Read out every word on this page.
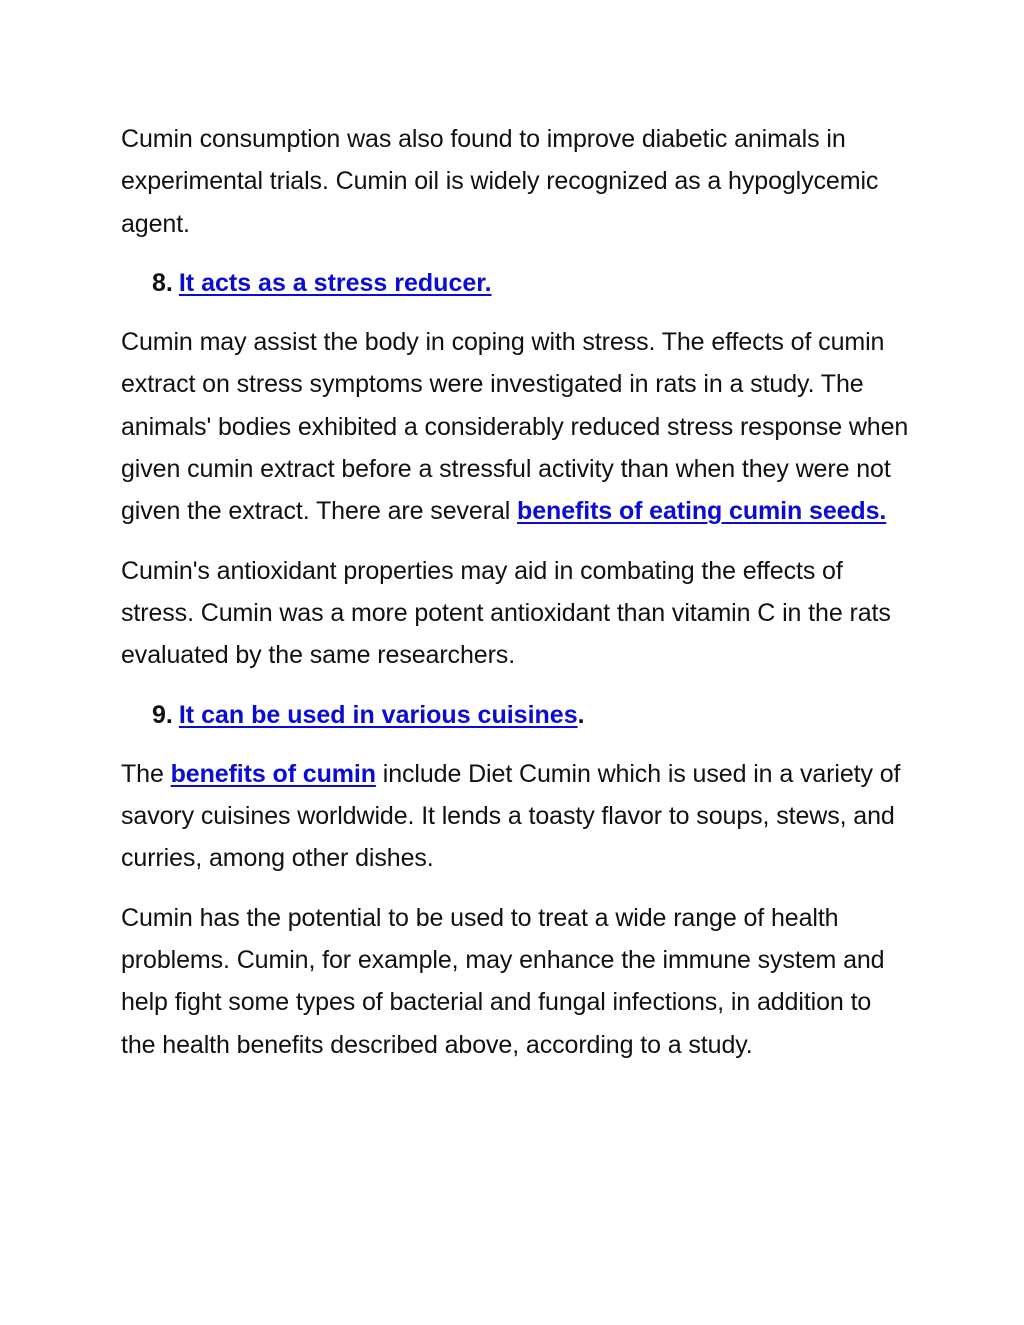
Cumin consumption was also found to improve diabetic animals in experimental trials. Cumin oil is widely recognized as a hypoglycemic agent.

8. It acts as a stress reducer.

Cumin may assist the body in coping with stress. The effects of cumin extract on stress symptoms were investigated in rats in a study. The animals' bodies exhibited a considerably reduced stress response when given cumin extract before a stressful activity than when they were not given the extract. There are several benefits of eating cumin seeds.

Cumin's antioxidant properties may aid in combating the effects of stress. Cumin was a more potent antioxidant than vitamin C in the rats evaluated by the same researchers.

9. It can be used in various cuisines.

The benefits of cumin include Diet Cumin which is used in a variety of savory cuisines worldwide. It lends a toasty flavor to soups, stews, and curries, among other dishes.

Cumin has the potential to be used to treat a wide range of health problems. Cumin, for example, may enhance the immune system and help fight some types of bacterial and fungal infections, in addition to the health benefits described above, according to a study.
